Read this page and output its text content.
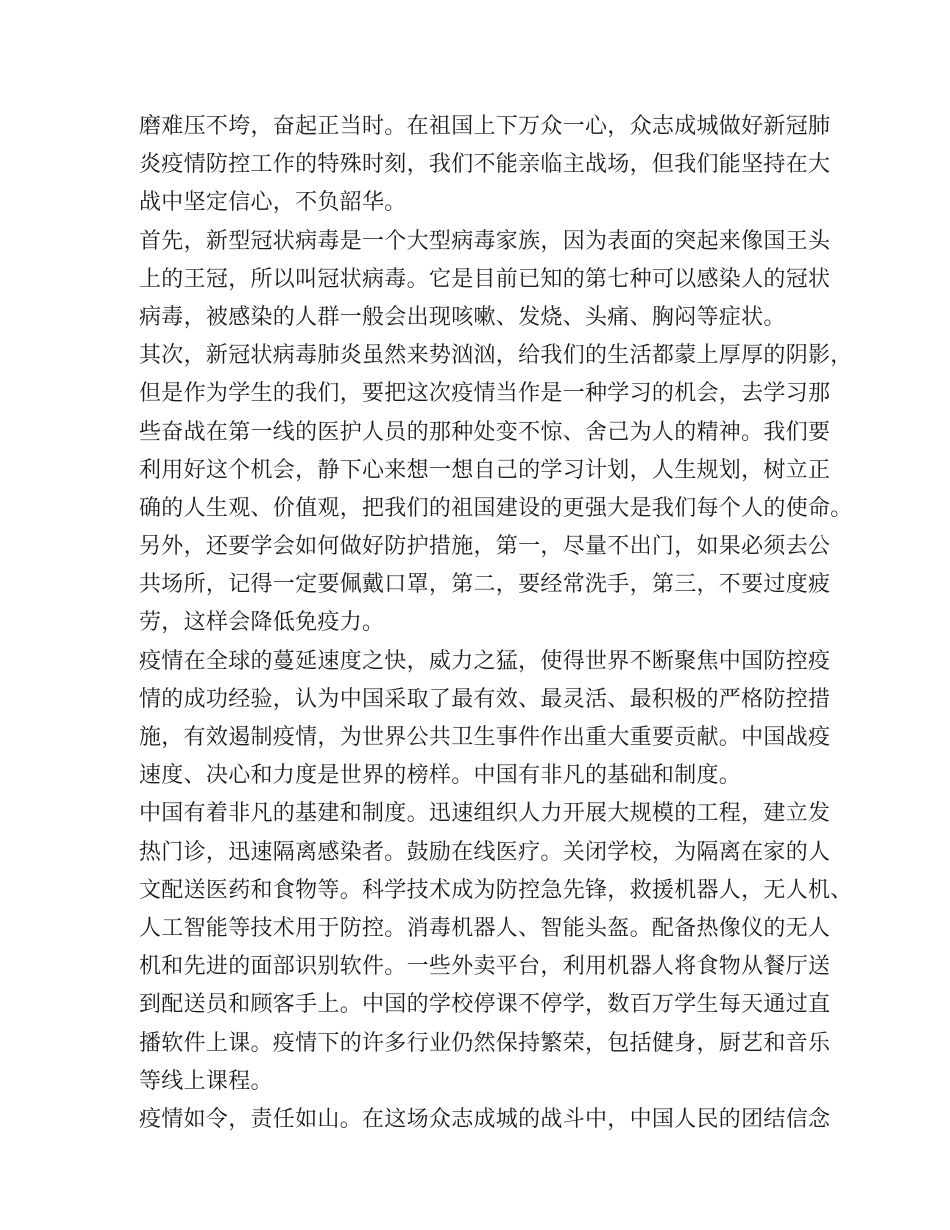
磨难压不垮，奋起正当时。在祖国上下万众一心，众志成城做好新冠肺
炎疫情防控工作的特殊时刻，我们不能亲临主战场，但我们能坚持在大
战中坚定信心，不负韶华。
首先，新型冠状病毒是一个大型病毒家族，因为表面的突起来像国王头
上的王冠，所以叫冠状病毒。它是目前已知的第七种可以感染人的冠状
病毒，被感染的人群一般会出现咳嗽、发烧、头痛、胸闷等症状。
其次，新冠状病毒肺炎虽然来势汹汹，给我们的生活都蒙上厚厚的阴影，
但是作为学生的我们，要把这次疫情当作是一种学习的机会，去学习那
些奋战在第一线的医护人员的那种处变不惊、舍己为人的精神。我们要
利用好这个机会，静下心来想一想自己的学习计划，人生规划，树立正
确的人生观、价值观，把我们的祖国建设的更强大是我们每个人的使命。
另外，还要学会如何做好防护措施，第一，尽量不出门，如果必须去公
共场所，记得一定要佩戴口罩，第二，要经常洗手，第三，不要过度疲
劳，这样会降低免疫力。
疫情在全球的蔓延速度之快，威力之猛，使得世界不断聚焦中国防控疫
情的成功经验，认为中国采取了最有效、最灵活、最积极的严格防控措
施，有效遏制疫情，为世界公共卫生事件作出重大重要贡献。中国战疫
速度、决心和力度是世界的榜样。中国有非凡的基础和制度。
中国有着非凡的基建和制度。迅速组织人力开展大规模的工程，建立发
热门诊，迅速隔离感染者。鼓励在线医疗。关闭学校，为隔离在家的人
文配送医药和食物等。科学技术成为防控急先锋，救援机器人，无人机、
人工智能等技术用于防控。消毒机器人、智能头盔。配备热像仪的无人
机和先进的面部识别软件。一些外卖平台，利用机器人将食物从餐厅送
到配送员和顾客手上。中国的学校停课不停学，数百万学生每天通过直
播软件上课。疫情下的许多行业仍然保持繁荣，包括健身，厨艺和音乐
等线上课程。
疫情如令，责任如山。在这场众志成城的战斗中，中国人民的团结信念
